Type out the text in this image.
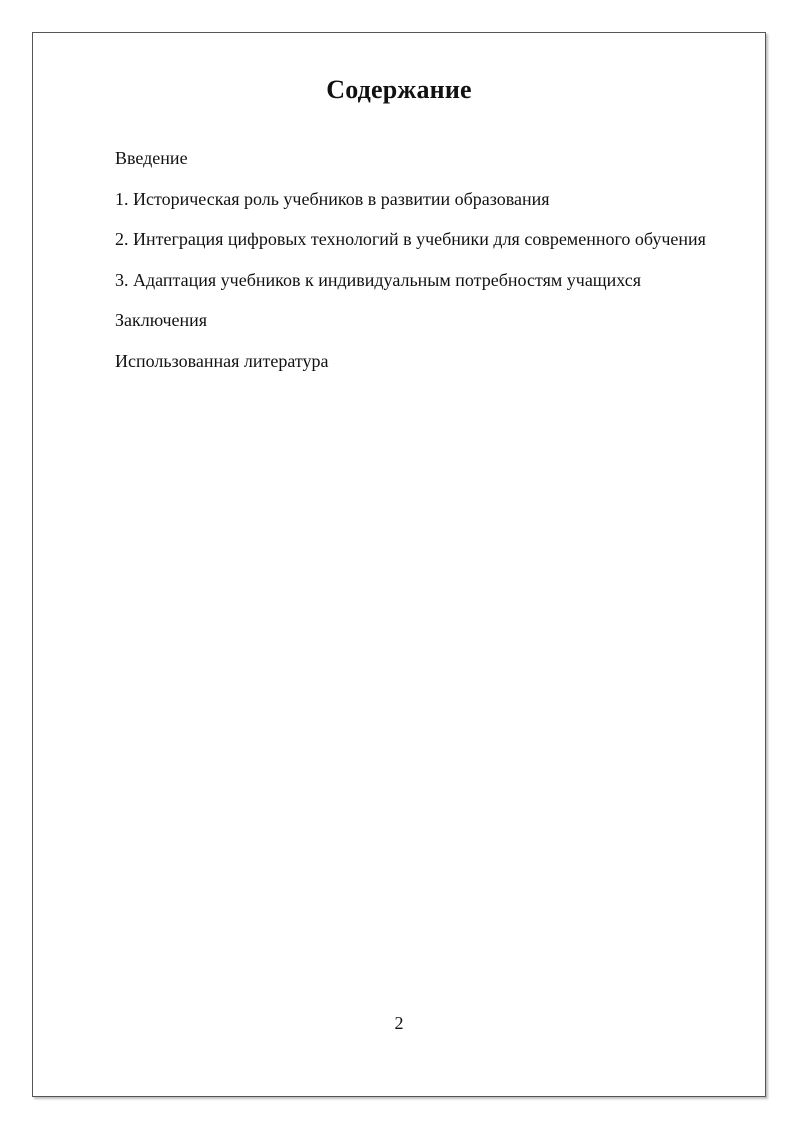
Содержание
Введение
1. Историческая роль учебников в развитии образования
2. Интеграция цифровых технологий в учебники для современного обучения
3. Адаптация учебников к индивидуальным потребностям учащихся
Заключения
Использованная литература
2
